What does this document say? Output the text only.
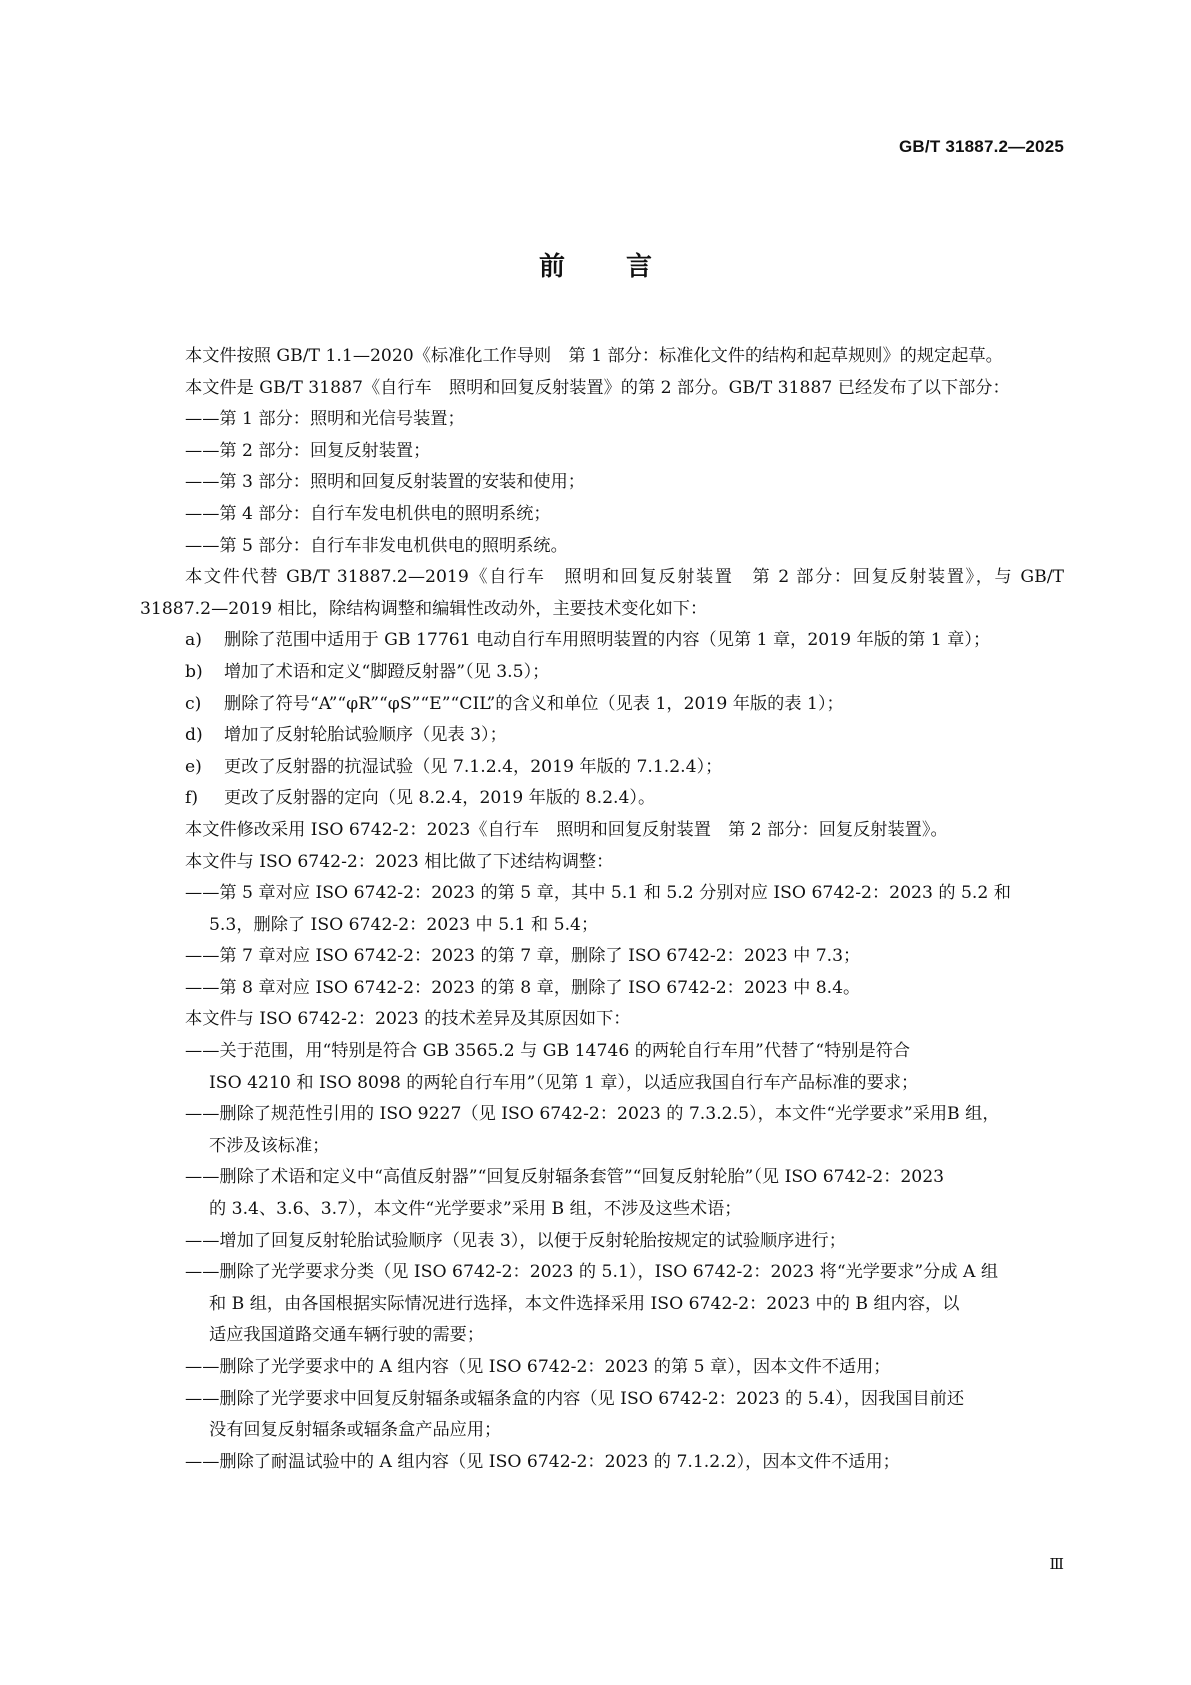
GB/T 31887.2—2025
前 言

本文件按照 GB/T 1.1—2020《标准化工作导则　第 1 部分：标准化文件的结构和起草规则》的规定起草。

本文件是 GB/T 31887《自行车　照明和回复反射装置》的第 2 部分。GB/T 31887 已经发布了以下部分：

——第 1 部分：照明和光信号装置；

——第 2 部分：回复反射装置；

——第 3 部分：照明和回复反射装置的安装和使用；

——第 4 部分：自行车发电机供电的照明系统；

——第 5 部分：自行车非发电机供电的照明系统。

本文件代替 GB/T 31887.2—2019《自行车　照明和回复反射装置　第 2 部分：回复反射装置》，与 GB/T 31887.2—2019 相比，除结构调整和编辑性改动外，主要技术变化如下：

a) 删除了范围中适用于 GB 17761 电动自行车用照明装置的内容（见第 1 章，2019 年版的第 1 章）；

b) 增加了术语和定义“脚蹬反射器”（见 3.5）；

c) 删除了符号“A”“φR”“φS”“E”“CIL”的含义和单位（见表 1，2019 年版的表 1）；

d) 增加了反射轮胎试验顺序（见表 3）；

e) 更改了反射器的抗湿试验（见 7.1.2.4，2019 年版的 7.1.2.4）；

f) 更改了反射器的定向（见 8.2.4，2019 年版的 8.2.4）。

本文件修改采用 ISO 6742-2：2023《自行车　照明和回复反射装置　第 2 部分：回复反射装置》。

本文件与 ISO 6742-2：2023 相比做了下述结构调整：

——第 5 章对应 ISO 6742-2：2023 的第 5 章，其中 5.1 和 5.2 分别对应 ISO 6742-2：2023 的 5.2 和

5.3，删除了 ISO 6742-2：2023 中 5.1 和 5.4；

——第 7 章对应 ISO 6742-2：2023 的第 7 章，删除了 ISO 6742-2：2023 中 7.3；

——第 8 章对应 ISO 6742-2：2023 的第 8 章，删除了 ISO 6742-2：2023 中 8.4。

本文件与 ISO 6742-2：2023 的技术差异及其原因如下：

——关于范围，用“特别是符合 GB 3565.2 与 GB 14746 的两轮自行车用”代替了“特别是符合

ISO 4210 和 ISO 8098 的两轮自行车用”（见第 1 章），以适应我国自行车产品标准的要求；

——删除了规范性引用的 ISO 9227（见 ISO 6742-2：2023 的 7.3.2.5），本文件“光学要求”采用B 组，

不涉及该标准；

——删除了术语和定义中“高值反射器”“回复反射辐条套管”“回复反射轮胎”（见 ISO 6742-2：2023

的 3.4、3.6、3.7），本文件“光学要求”采用 B 组，不涉及这些术语；

——增加了回复反射轮胎试验顺序（见表 3），以便于反射轮胎按规定的试验顺序进行；

——删除了光学要求分类（见 ISO 6742-2：2023 的 5.1），ISO 6742-2：2023 将“光学要求”分成 A 组

和 B 组，由各国根据实际情况进行选择，本文件选择采用 ISO 6742-2：2023 中的 B 组内容，以

适应我国道路交通车辆行驶的需要；

——删除了光学要求中的 A 组内容（见 ISO 6742-2：2023 的第 5 章），因本文件不适用；

——删除了光学要求中回复反射辐条或辐条盒的内容（见 ISO 6742-2：2023 的 5.4），因我国目前还

没有回复反射辐条或辐条盒产品应用；

——删除了耐温试验中的 A 组内容（见 ISO 6742-2：2023 的 7.1.2.2），因本文件不适用；

Ⅲ
